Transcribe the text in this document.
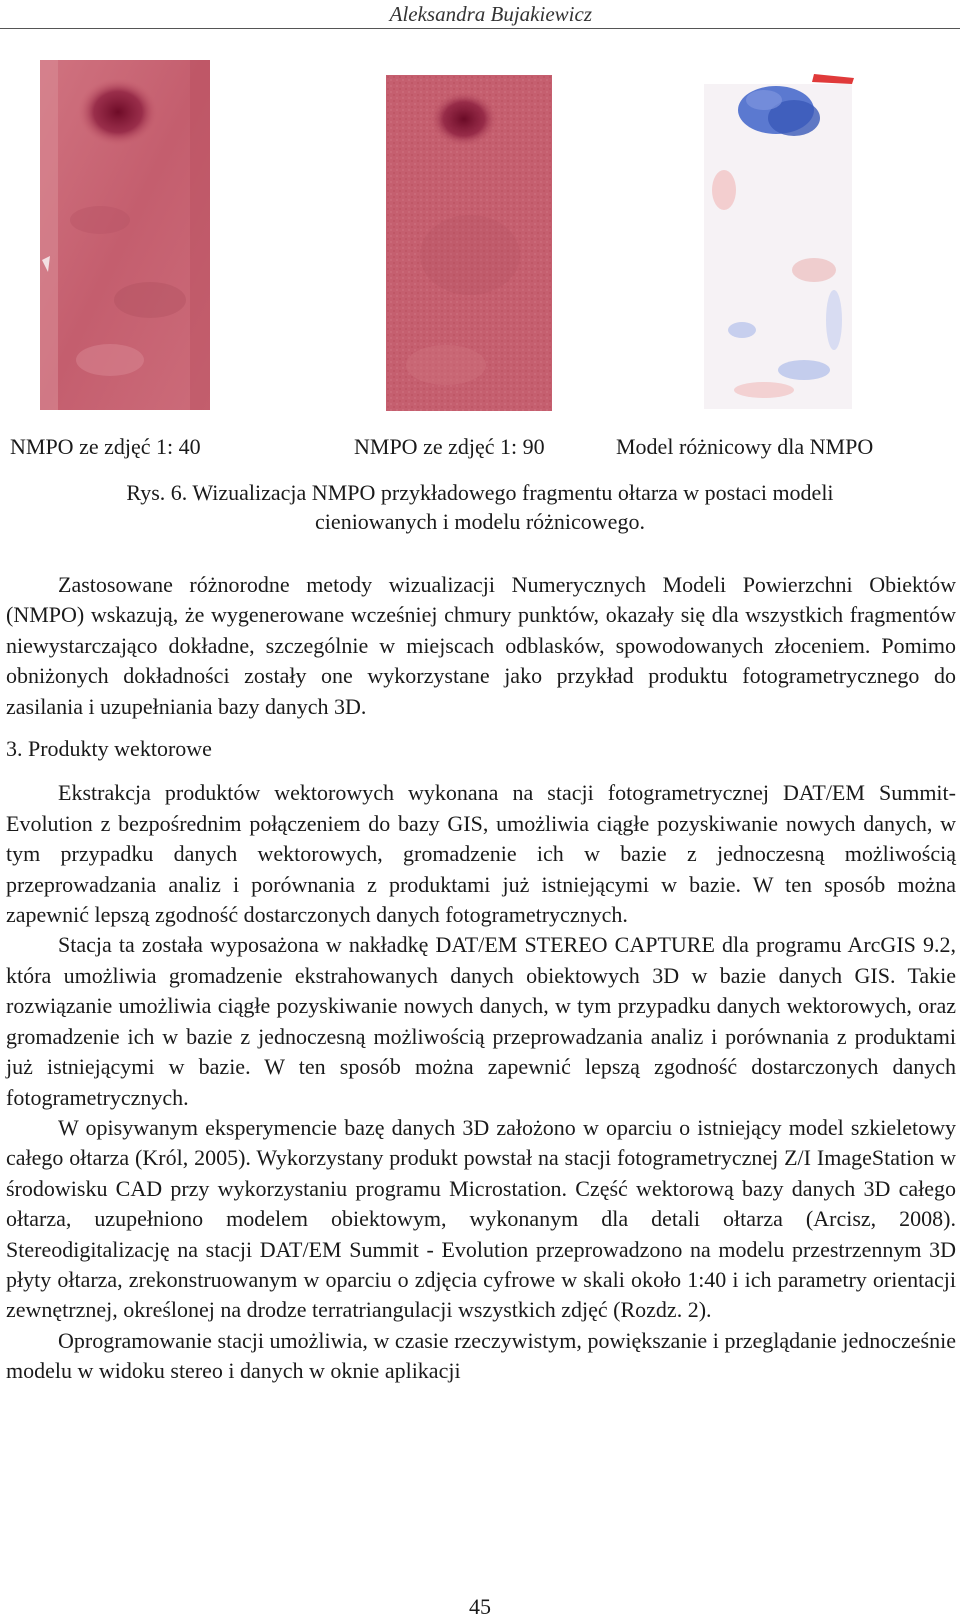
Aleksandra Bujakiewicz
NMPO ze zdjęć 1: 40	NMPO ze zdjęć 1: 90	Model różnicowy dla NMPO
Rys. 6. Wizualizacja NMPO przykładowego fragmentu ołtarza w postaci modeli
cieniowanych i modelu różnicowego.

Zastosowane różnorodne metody wizualizacji Numerycznych Modeli Powierzchni Obiektów (NMPO) wskazują, że wygenerowane wcześniej chmury punktów, okazały się dla wszystkich fragmentów niewystarczająco dokładne, szczególnie w miejscach odblasków, spowodowanych złoceniem. Pomimo obniżonych dokładności zostały one wykorzystane jako przykład produktu fotogrametrycznego do zasilania i uzupełniania bazy danych 3D.

3. Produkty wektorowe

Ekstrakcja produktów wektorowych wykonana na stacji fotogrametrycznej DAT/EM Summit-Evolution z bezpośrednim połączeniem do bazy GIS, umożliwia ciągłe pozyskiwanie nowych danych, w tym przypadku danych wektorowych, gromadzenie ich w bazie z jednoczesną możliwością przeprowadzania analiz i porównania z produktami już istniejącymi w bazie. W ten sposób można zapewnić lepszą zgodność dostarczonych danych fotogrametrycznych.

Stacja ta została wyposażona w nakładkę DAT/EM STEREO CAPTURE dla programu ArcGIS 9.2, która umożliwia gromadzenie ekstrahowanych danych obiektowych 3D w bazie danych GIS. Takie rozwiązanie umożliwia ciągłe pozyskiwanie nowych danych, w tym przypadku danych wektorowych, oraz gromadzenie ich w bazie z jednoczesną możliwością przeprowadzania analiz i porównania z produktami już istniejącymi w bazie. W ten sposób można zapewnić lepszą zgodność dostarczonych danych fotogrametrycznych.

W opisywanym eksperymencie bazę danych 3D założono w oparciu o istniejący model szkieletowy całego ołtarza (Król, 2005). Wykorzystany produkt powstał na stacji fotogrametrycznej Z/I ImageStation w środowisku CAD przy wykorzystaniu programu Microstation. Część wektorową bazy danych 3D całego ołtarza, uzupełniono modelem obiektowym, wykonanym dla detali ołtarza (Arcisz, 2008). Stereodigitalizację na stacji DAT/EM Summit - Evolution przeprowadzono na modelu przestrzennym 3D płyty ołtarza, zrekonstruowanym w oparciu o zdjęcia cyfrowe w skali około 1:40 i ich parametry orientacji zewnętrznej, określonej na drodze terratriangulacji wszystkich zdjęć (Rozdz. 2).

Oprogramowanie stacji umożliwia, w czasie rzeczywistym, powiększanie i przeglądanie jednocześnie modelu w widoku stereo i danych w oknie aplikacji

45
